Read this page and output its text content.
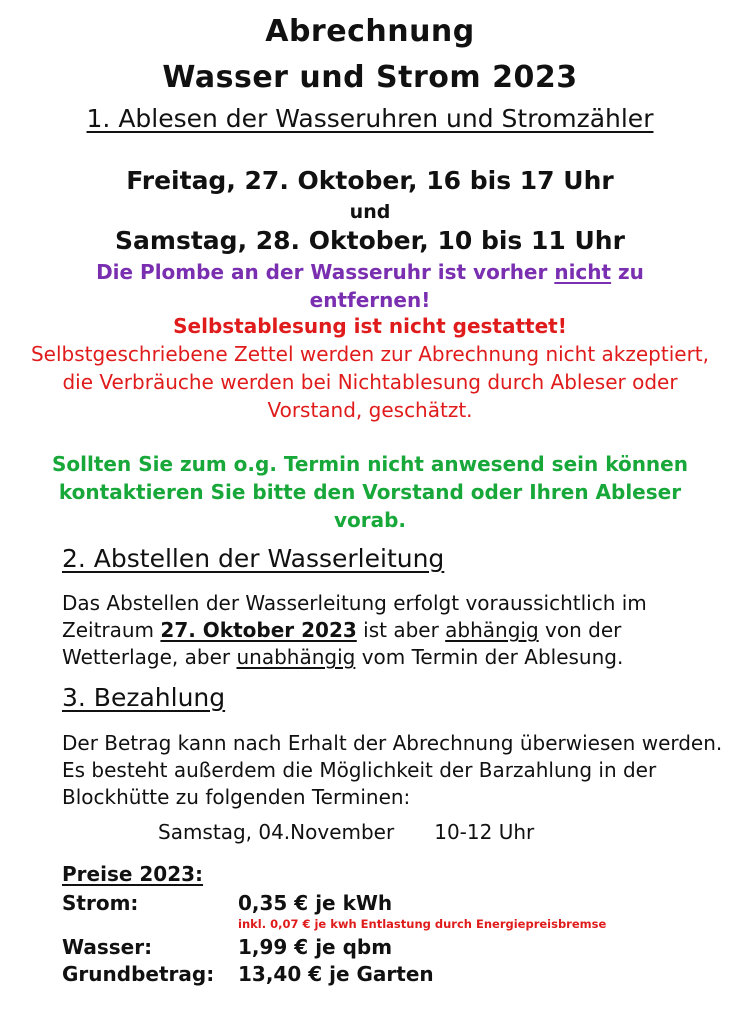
Abrechnung
Wasser und Strom 2023
1. Ablesen der Wasseruhren und Stromzähler
Freitag, 27. Oktober, 16 bis 17 Uhr
und
Samstag, 28. Oktober, 10 bis 11 Uhr
Die Plombe an der Wasseruhr ist vorher nicht zu entfernen!
Selbstablesung ist nicht gestattet!
Selbstgeschriebene Zettel werden zur Abrechnung nicht akzeptiert, die Verbräuche werden bei Nichtablesung durch Ableser oder Vorstand, geschätzt.
Sollten Sie zum o.g. Termin nicht anwesend sein können kontaktieren Sie bitte den Vorstand oder Ihren Ableser vorab.
2. Abstellen der Wasserleitung
Das Abstellen der Wasserleitung erfolgt voraussichtlich im Zeitraum 27. Oktober 2023 ist aber abhängig von der Wetterlage, aber unabhängig vom Termin der Ablesung.
3. Bezahlung
Der Betrag kann nach Erhalt der Abrechnung überwiesen werden. Es besteht außerdem die Möglichkeit der Barzahlung in der Blockhütte zu folgenden Terminen:
Samstag, 04.November 10-12 Uhr
Preise 2023:
Strom:	0,35 € je kWh
inkl. 0,07 € je kwh Entlastung durch Energiepreisbremse
Wasser:	1,99 € je qbm
Grundbetrag: 13,40 € je Garten
